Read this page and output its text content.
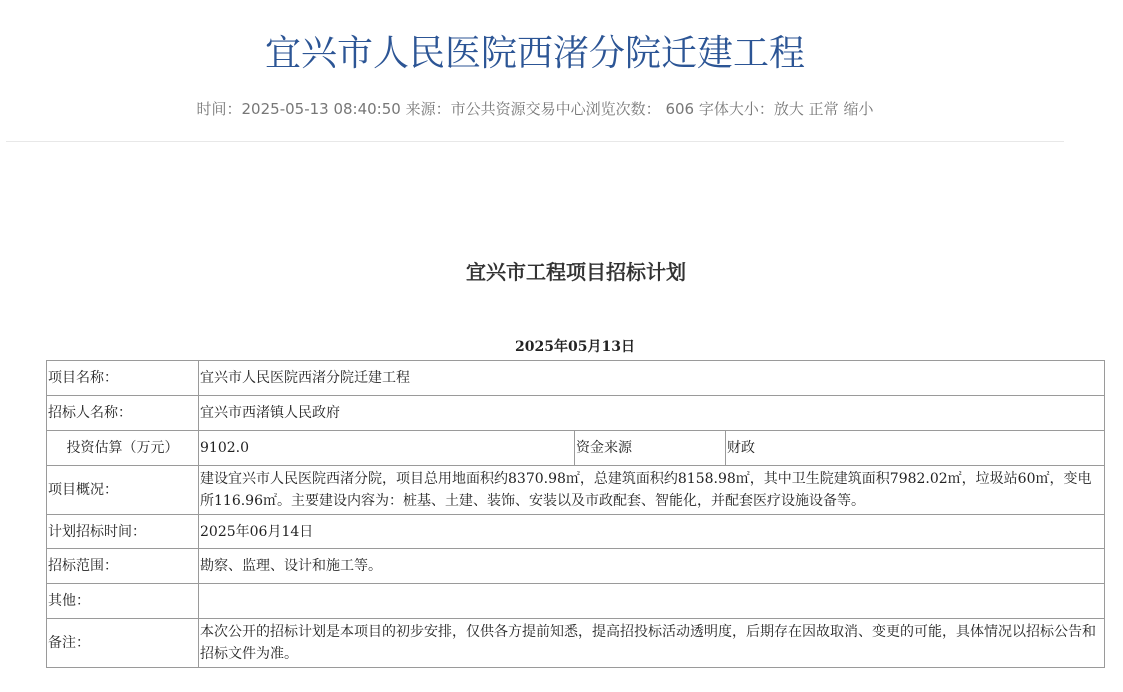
宜兴市人民医院西渚分院迁建工程
时间：2025-05-13 08:40:50 来源：市公共资源交易中心浏览次数： 606 字体大小：放大 正常 缩小
宜兴市工程项目招标计划
2025年05月13日
项目名称：	宜兴市人民医院西渚分院迁建工程		
招标人名称：	宜兴市西渚镇人民政府		
投资估算（万元）	9102.0	资金来源	财政
项目概况：	建设宜兴市人民医院西渚分院，项目总用地面积约8370.98㎡，总建筑面积约8158.98㎡，其中卫生院建筑面积7982.02㎡，垃圾站60㎡，变电所116.96㎡。主要建设内容为：桩基、土建、装饰、安装以及市政配套、智能化，并配套医疗设施设备等。		
计划招标时间：	2025年06月14日		
招标范围：	勘察、监理、设计和施工等。		
其他：			
备注：	本次公开的招标计划是本项目的初步安排，仅供各方提前知悉，提高招投标活动透明度，后期存在因故取消、变更的可能，具体情况以招标公告和招标文件为准。		
